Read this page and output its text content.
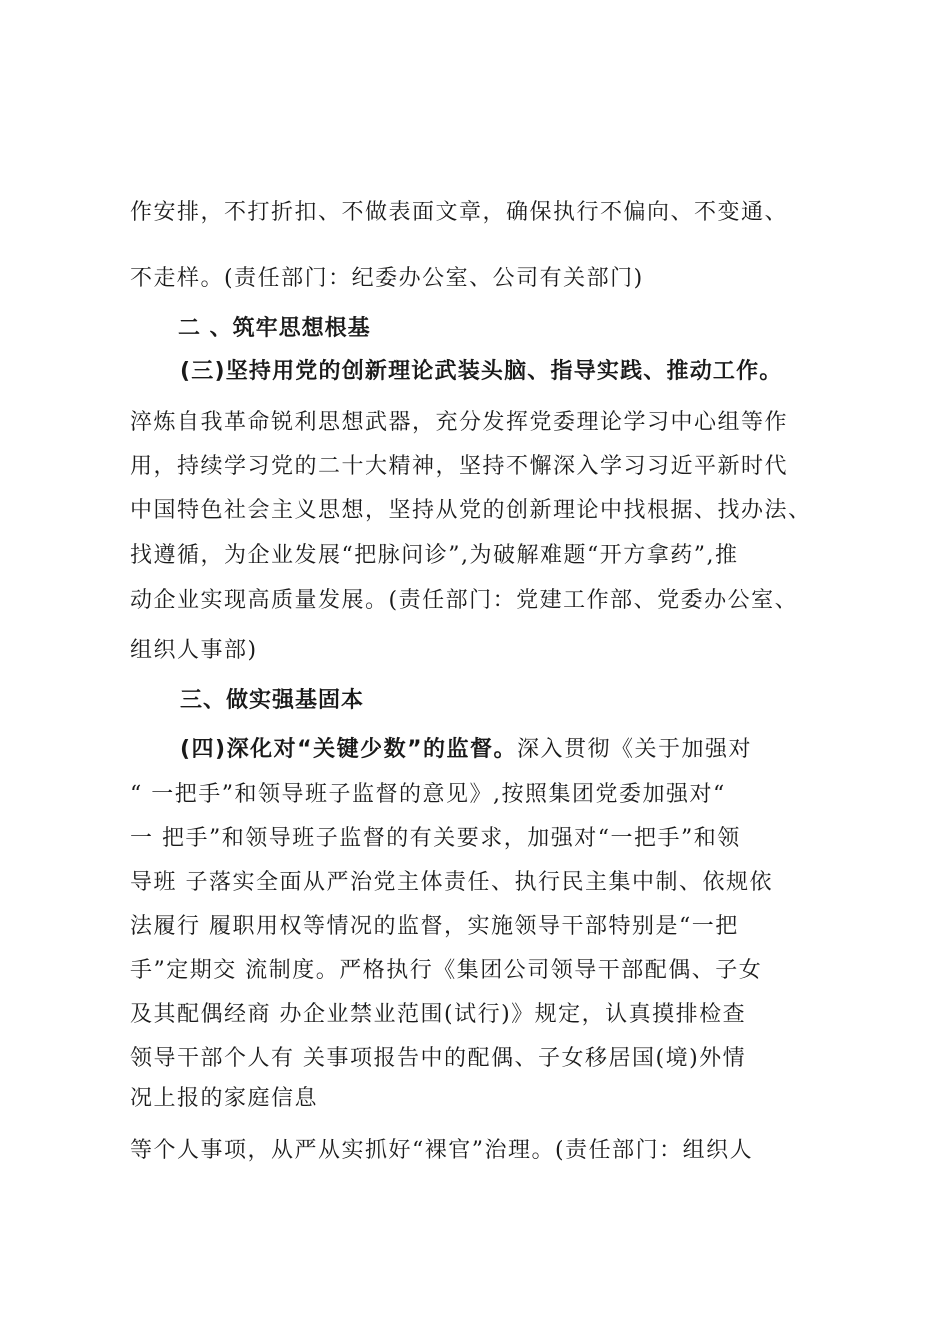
作安排，不打折扣、不做表面文章，确保执行不偏向、不变通、
不走样。(责任部门：纪委办公室、公司有关部门)
二 、筑牢思想根基
(三)坚持用党的创新理论武装头脑、指导实践、推动工作。
淬炼自我革命锐利思想武器，充分发挥党委理论学习中心组等作
用，持续学习党的二十大精神，坚持不懈深入学习习近平新时代
中国特色社会主义思想，坚持从党的创新理论中找根据、找办法、
找遵循，为企业发展“把脉问诊”,为破解难题“开方拿药”,推
动企业实现高质量发展。(责任部门：党建工作部、党委办公室、
组织人事部)
三、做实强基固本
(四)深化对“关键少数”的监督。深入贯彻《关于加强对
“ 一把手”和领导班子监督的意见》,按照集团党委加强对“
一 把手”和领导班子监督的有关要求，加强对“一把手”和领
导班 子落实全面从严治党主体责任、执行民主集中制、依规依
法履行 履职用权等情况的监督，实施领导干部特别是“一把
手”定期交 流制度。严格执行《集团公司领导干部配偶、子女
及其配偶经商 办企业禁业范围(试行)》规定，认真摸排检查
领导干部个人有 关事项报告中的配偶、子女移居国(境)外情
况上报的家庭信息
等个人事项，从严从实抓好“裸官”治理。(责任部门：组织人
